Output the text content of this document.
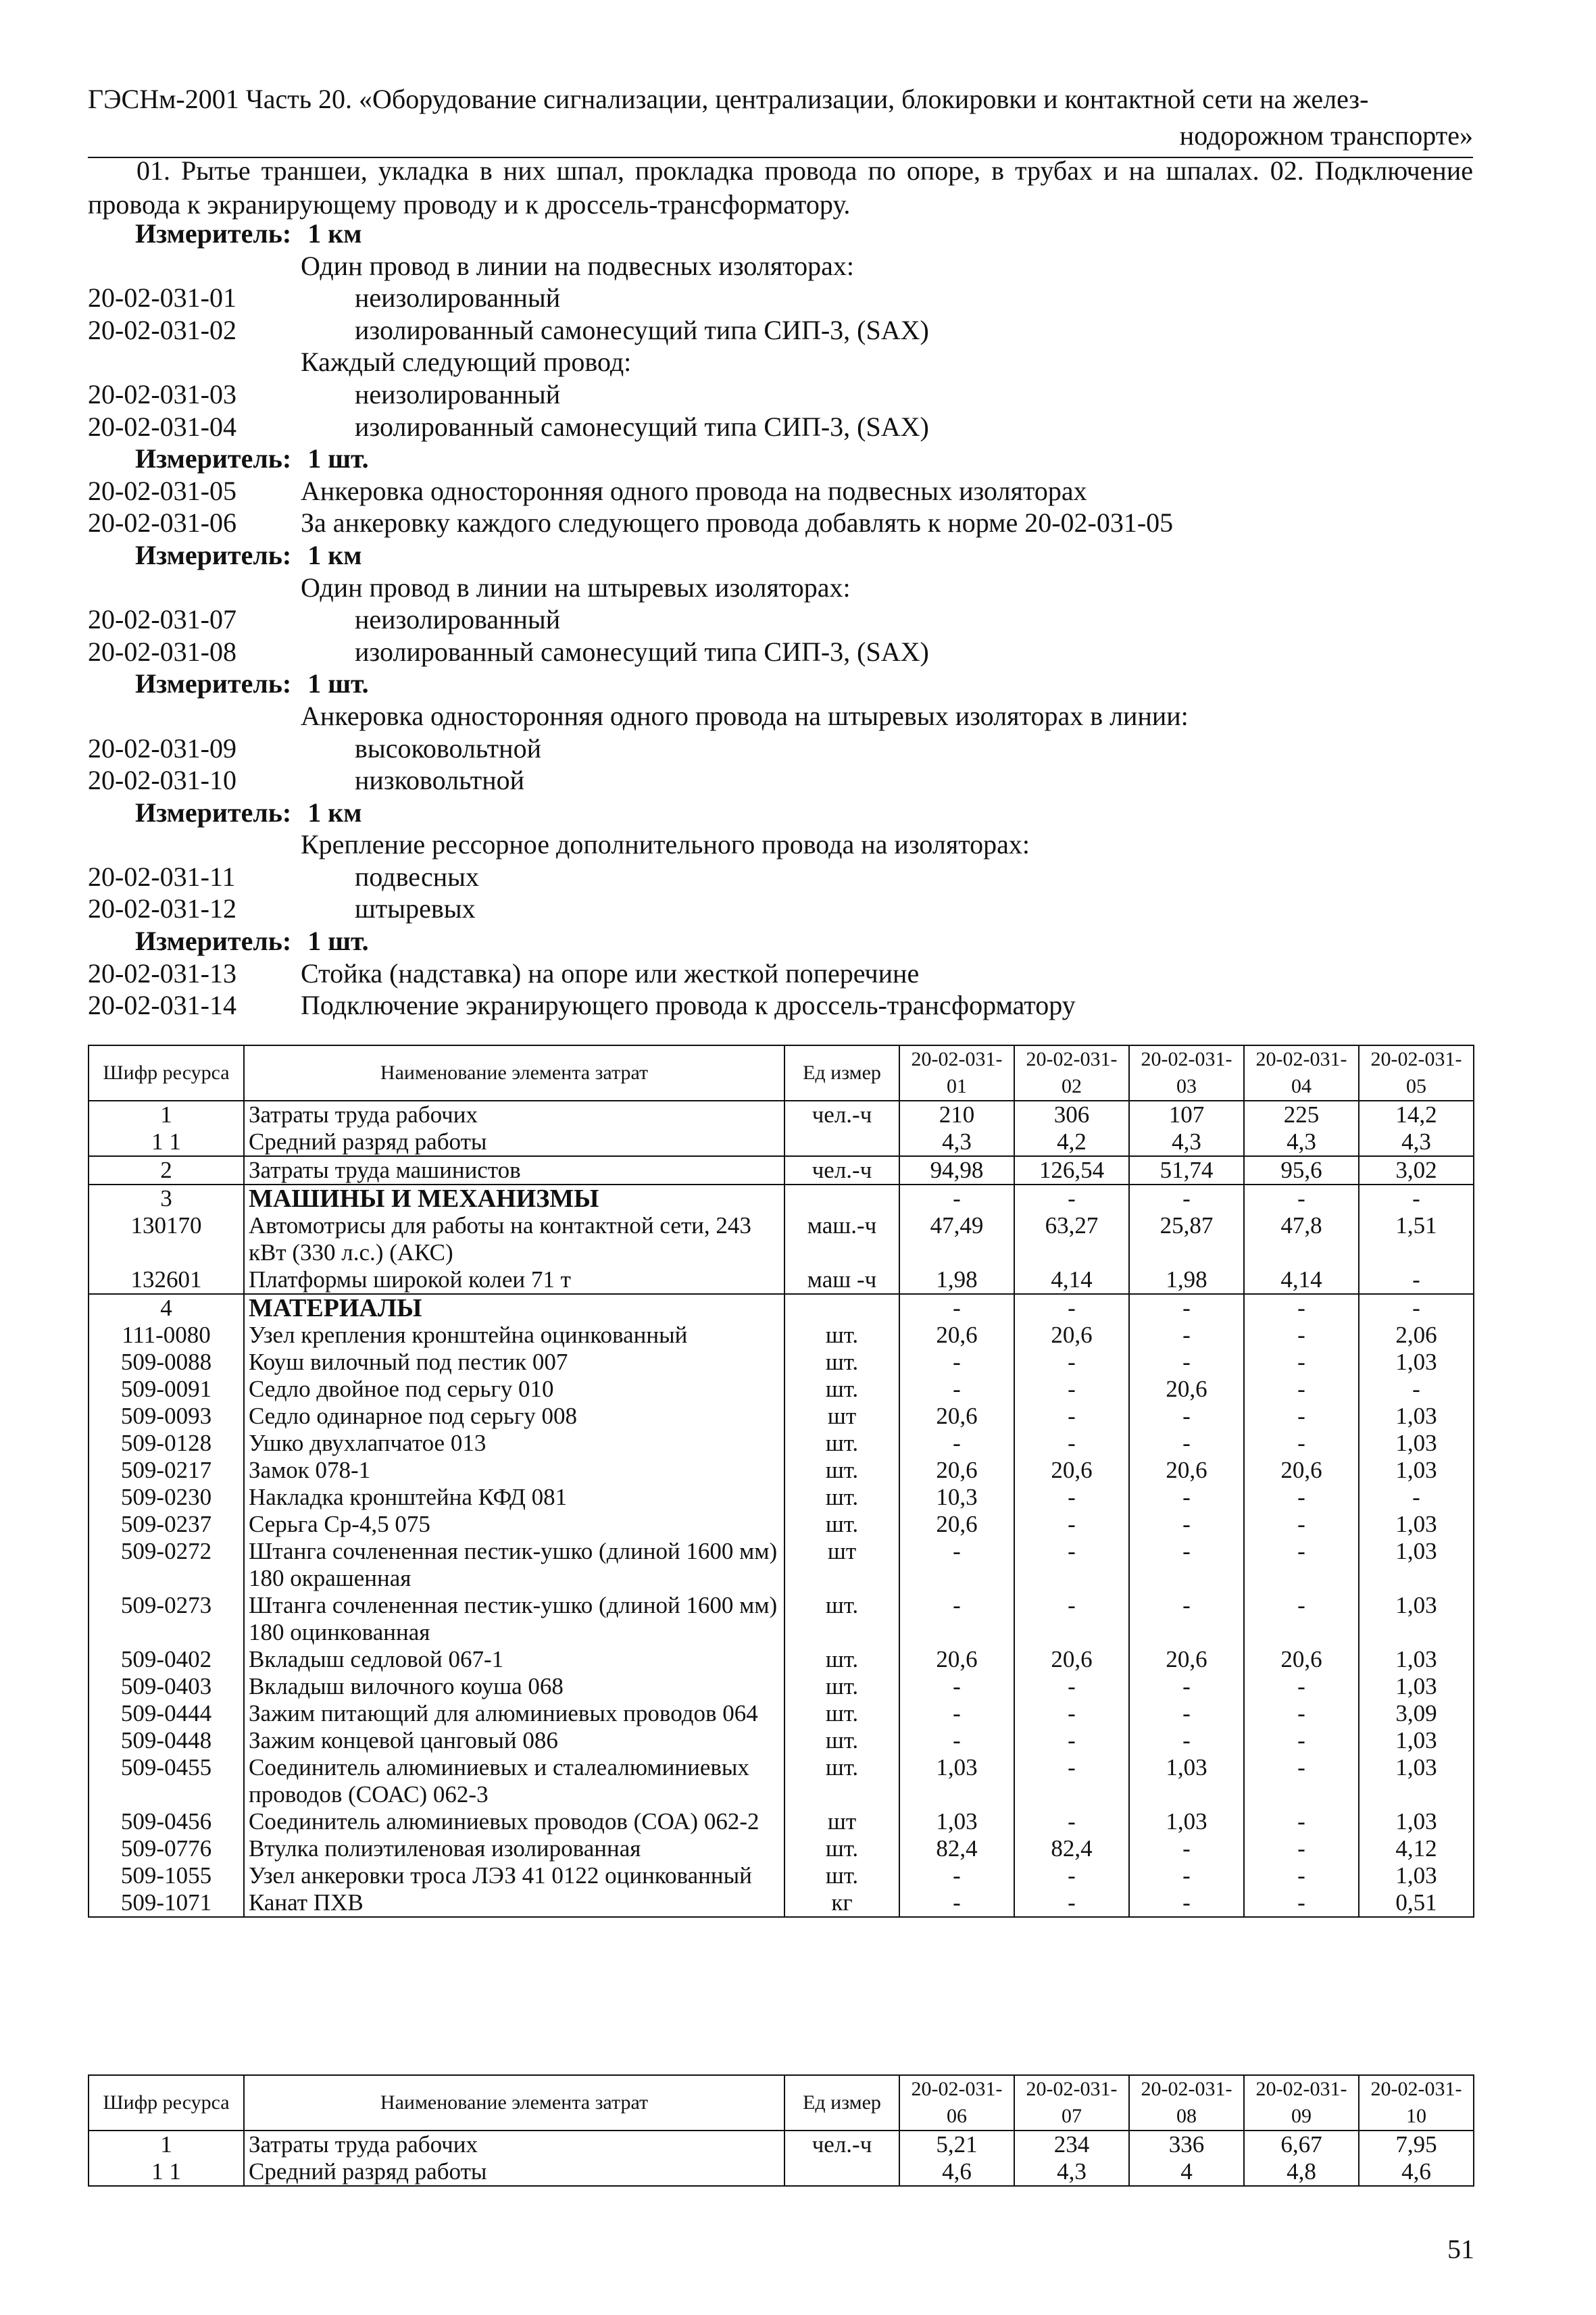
ГЭСНм-2001 Часть 20. «Оборудование сигнализации, централизации, блокировки и контактной сети на желез-
нодорожном транспорте»
01. Рытье траншеи, укладка в них шпал, прокладка провода по опоре, в трубах и на шпалах. 02. Подключение провода к экранирующему проводу и к дроссель-трансформатору.
Измеритель: 1 км
Один провод в линии на подвесных изоляторах:
20-02-031-01	неизолированный
20-02-031-02	изолированный самонесущий типа СИП-3, (SAX)
Каждый следующий провод:
20-02-031-03	неизолированный
20-02-031-04	изолированный самонесущий типа СИП-3, (SAX)
Измеритель: 1 шт.
20-02-031-05 Анкеровка односторонняя одного провода на подвесных изоляторах
20-02-031-06 За анкеровку каждого следующего провода добавлять к норме 20-02-031-05
Измеритель: 1 км
Один провод в линии на штыревых изоляторах:
20-02-031-07	неизолированный
20-02-031-08	изолированный самонесущий типа СИП-3, (SAX)
Измеритель: 1 шт.
Анкеровка односторонняя одного провода на штыревых изоляторах в линии:
20-02-031-09	высоковольтной
20-02-031-10	низковольтной
Измеритель: 1 км
Крепление рессорное дополнительного провода на изоляторах:
20-02-031-11	подвесных
20-02-031-12	штыревых
Измеритель: 1 шт.
20-02-031-13 Стойка (надставка) на опоре или жесткой поперечине
20-02-031-14 Подключение экранирующего провода к дроссель-трансформатору
Шифр ресурса	Наименование элемента затрат	Ед измер	20-02-031-01	20-02-031-02	20-02-031-03	20-02-031-04	20-02-031-05
1	Затраты труда рабочих	чел.-ч	210	306	107	225	14,2
1 1	Средний разряд работы		4,3	4,2	4,3	4,3	4,3
2	Затраты труда машинистов	чел.-ч	94,98	126,54	51,74	95,6	3,02
3	МАШИНЫ И МЕХАНИЗМЫ		-	-	-	-	-
130170	Автомотрисы для работы на контактной сети, 243 кВт (330 л.с.) (АКС)	маш.-ч	47,49	63,27	25,87	47,8	1,51
132601	Платформы широкой колеи 71 т	маш -ч	1,98	4,14	1,98	4,14	-
4	МАТЕРИАЛЫ		-	-	-	-	-
111-0080	Узел крепления кронштейна оцинкованный	шт.	20,6	20,6	-	-	2,06
509-0088	Коуш вилочный под пестик 007	шт.	-	-	-	-	1,03
509-0091	Седло двойное под серьгу 010	шт.	-	-	20,6	-	-
509-0093	Седло одинарное под серьгу 008	шт	20,6	-	-	-	1,03
509-0128	Ушко двухлапчатое 013	шт.	-	-	-	-	1,03
509-0217	Замок 078-1	шт.	20,6	20,6	20,6	20,6	1,03
509-0230	Накладка кронштейна КФД 081	шт.	10,3	-	-	-	-
509-0237	Серьга Ср-4,5 075	шт.	20,6	-	-	-	1,03
509-0272	Штанга сочлененная пестик-ушко (длиной 1600 мм) 180 окрашенная	шт	-	-	-	-	1,03
509-0273	Штанга сочлененная пестик-ушко (длиной 1600 мм) 180 оцинкованная	шт.	-	-	-	-	1,03
509-0402	Вкладыш седловой 067-1	шт.	20,6	20,6	20,6	20,6	1,03
509-0403	Вкладыш вилочного коуша 068	шт.	-	-	-	-	1,03
509-0444	Зажим питающий для алюминиевых проводов 064	шт.	-	-	-	-	3,09
509-0448	Зажим концевой цанговый 086	шт.	-	-	-	-	1,03
509-0455	Соединитель алюминиевых и сталеалюминиевых проводов (СОАС) 062-3	шт.	1,03	-	1,03	-	1,03
509-0456	Соединитель алюминиевых проводов (СОА) 062-2	шт	1,03	-	1,03	-	1,03
509-0776	Втулка полиэтиленовая изолированная	шт.	82,4	82,4	-	-	4,12
509-1055	Узел анкеровки троса ЛЭЗ 41 0122 оцинкованный	шт.	-	-	-	-	1,03
509-1071	Канат ПХВ	кг	-	-	-	-	0,51
Шифр ресурса	Наименование элемента затрат	Ед измер	20-02-031-06	20-02-031-07	20-02-031-08	20-02-031-09	20-02-031-10
1	Затраты труда рабочих	чел.-ч	5,21	234	336	6,67	7,95
1 1	Средний разряд работы		4,6	4,3	4	4,8	4,6
51
